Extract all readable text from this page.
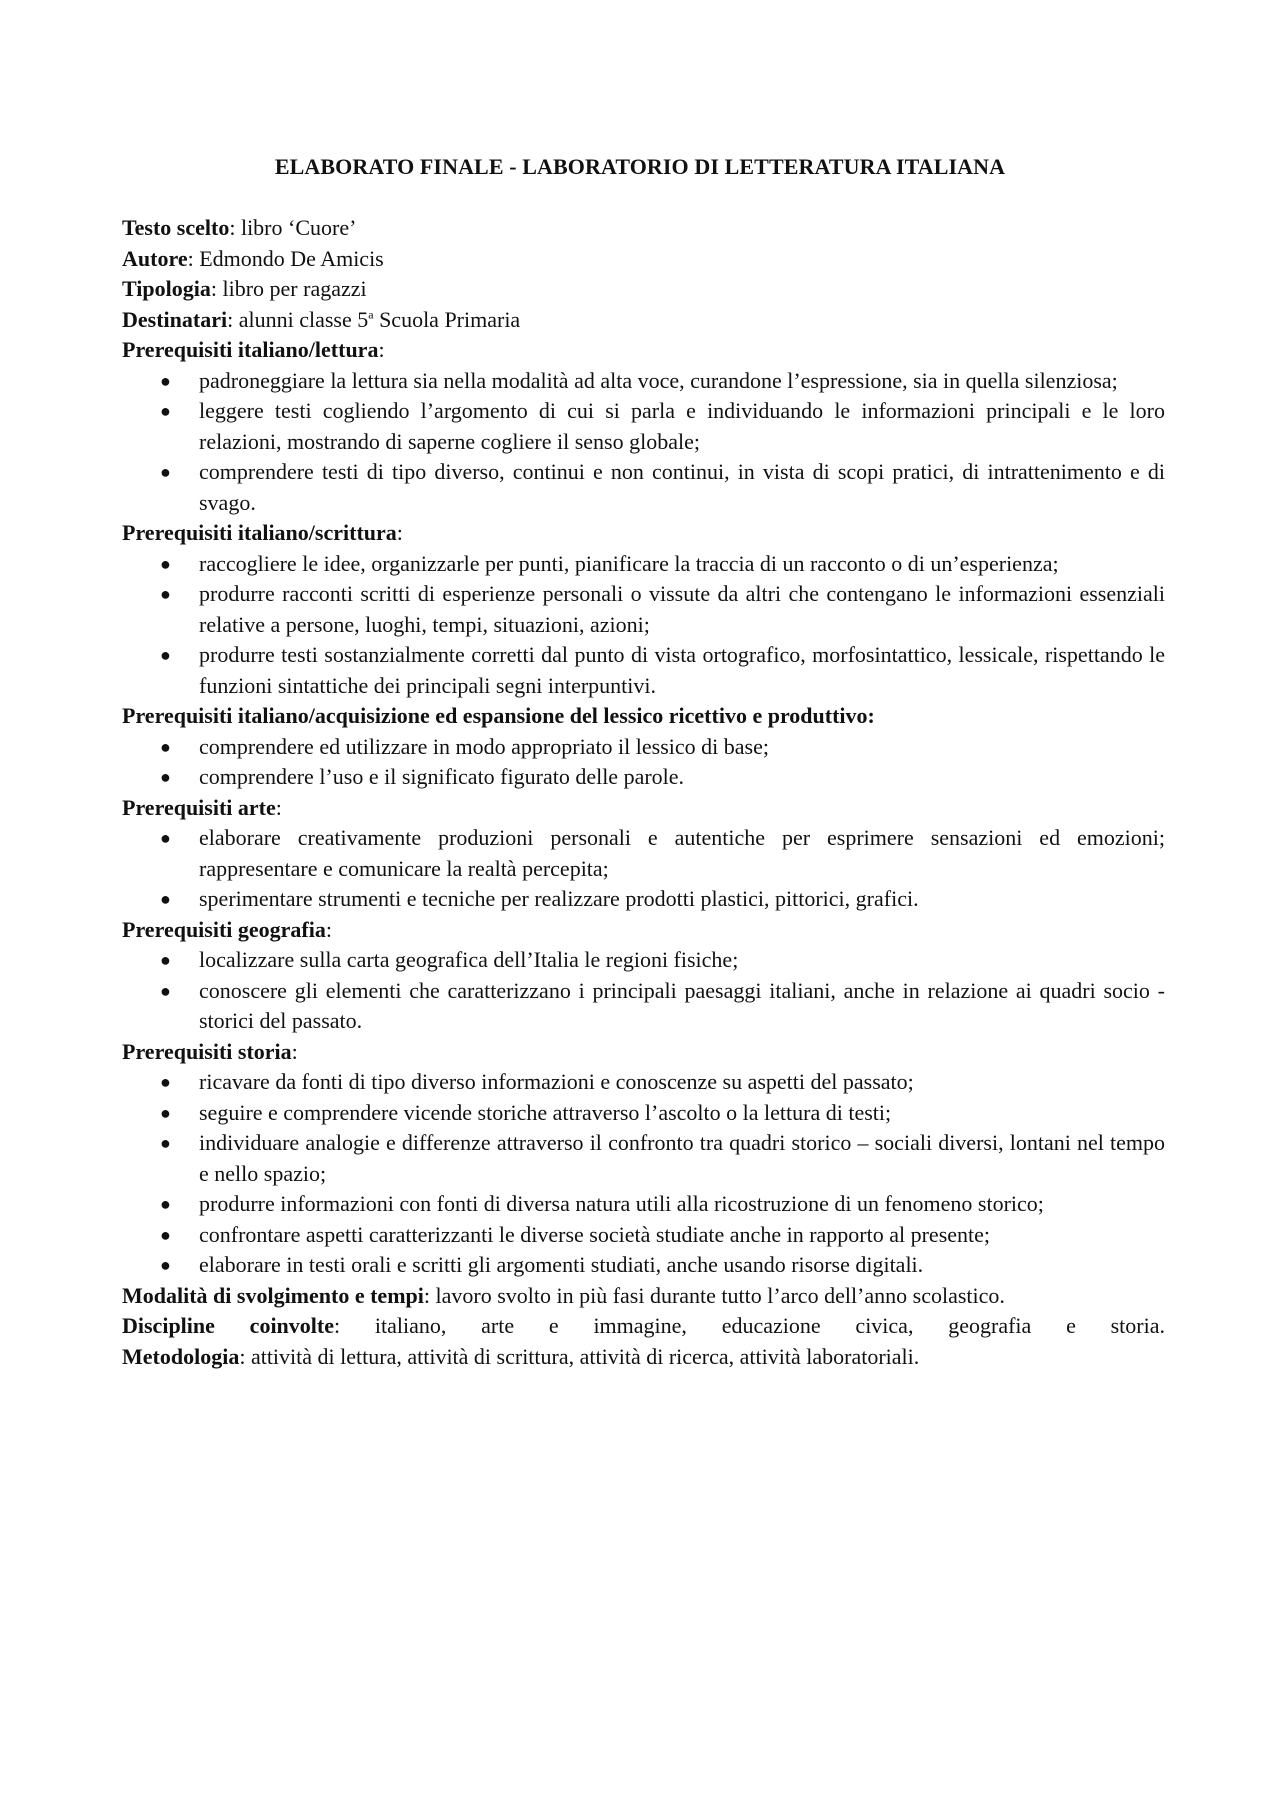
ELABORATO FINALE - LABORATORIO DI LETTERATURA ITALIANA

Testo scelto: libro ‘Cuore’

Autore: Edmondo De Amicis

Tipologia: libro per ragazzi

Destinatari: alunni classe 5$^a$ Scuola Primaria

Prerequisiti italiano/lettura:

● padroneggiare la lettura sia nella modalità ad alta voce, curandone l’espressione, sia in quella silenziosa;
● leggere testi cogliendo l’argomento di cui si parla e individuando le informazioni principali e le loro relazioni, mostrando di saperne cogliere il senso globale;
● comprendere testi di tipo diverso, continui e non continui, in vista di scopi pratici, di intrattenimento e di svago.

Prerequisiti italiano/scrittura:

● raccogliere le idee, organizzarle per punti, pianificare la traccia di un racconto o di un’esperienza;
● produrre racconti scritti di esperienze personali o vissute da altri che contengano le informazioni essenziali relative a persone, luoghi, tempi, situazioni, azioni;
● produrre testi sostanzialmente corretti dal punto di vista ortografico, morfosintattico, lessicale, rispettando le funzioni sintattiche dei principali segni interpuntivi.

Prerequisiti italiano/acquisizione ed espansione del lessico ricettivo e produttivo:

● comprendere ed utilizzare in modo appropriato il lessico di base;
● comprendere l’uso e il significato figurato delle parole.

Prerequisiti arte:

● elaborare creativamente produzioni personali e autentiche per esprimere sensazioni ed emozioni; rappresentare e comunicare la realtà percepita;
● sperimentare strumenti e tecniche per realizzare prodotti plastici, pittorici, grafici.

Prerequisiti geografia:

● localizzare sulla carta geografica dell’Italia le regioni fisiche;
● conoscere gli elementi che caratterizzano i principali paesaggi italiani, anche in relazione ai quadri socio - storici del passato.

Prerequisiti storia:

● ricavare da fonti di tipo diverso informazioni e conoscenze su aspetti del passato;
● seguire e comprendere vicende storiche attraverso l’ascolto o la lettura di testi;
● individuare analogie e differenze attraverso il confronto tra quadri storico – sociali diversi, lontani nel tempo e nello spazio;
● produrre informazioni con fonti di diversa natura utili alla ricostruzione di un fenomeno storico;
● confrontare aspetti caratterizzanti le diverse società studiate anche in rapporto al presente;
● elaborare in testi orali e scritti gli argomenti studiati, anche usando risorse digitali.

Modalità di svolgimento e tempi: lavoro svolto in più fasi durante tutto l’arco dell’anno scolastico.

Discipline coinvolte: italiano, arte e immagine, educazione civica, geografia e storia.

Metodologia: attività di lettura, attività di scrittura, attività di ricerca, attività laboratoriali.
